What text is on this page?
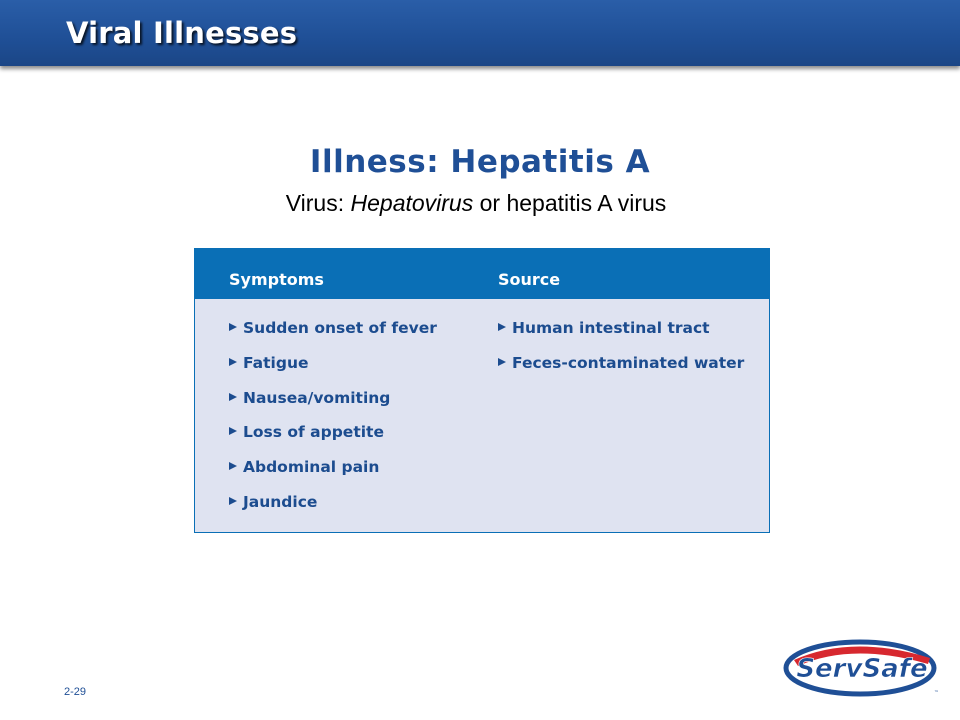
Viral Illnesses
Illness: Hepatitis A
Virus: Hepatovirus or hepatitis A virus
Symptoms	Source
Sudden onset of fever
Fatigue
Nausea/vomiting
Loss of appetite
Abdominal pain
Jaundice
Human intestinal tract
Feces-contaminated water
2-29
ServSafe
™
